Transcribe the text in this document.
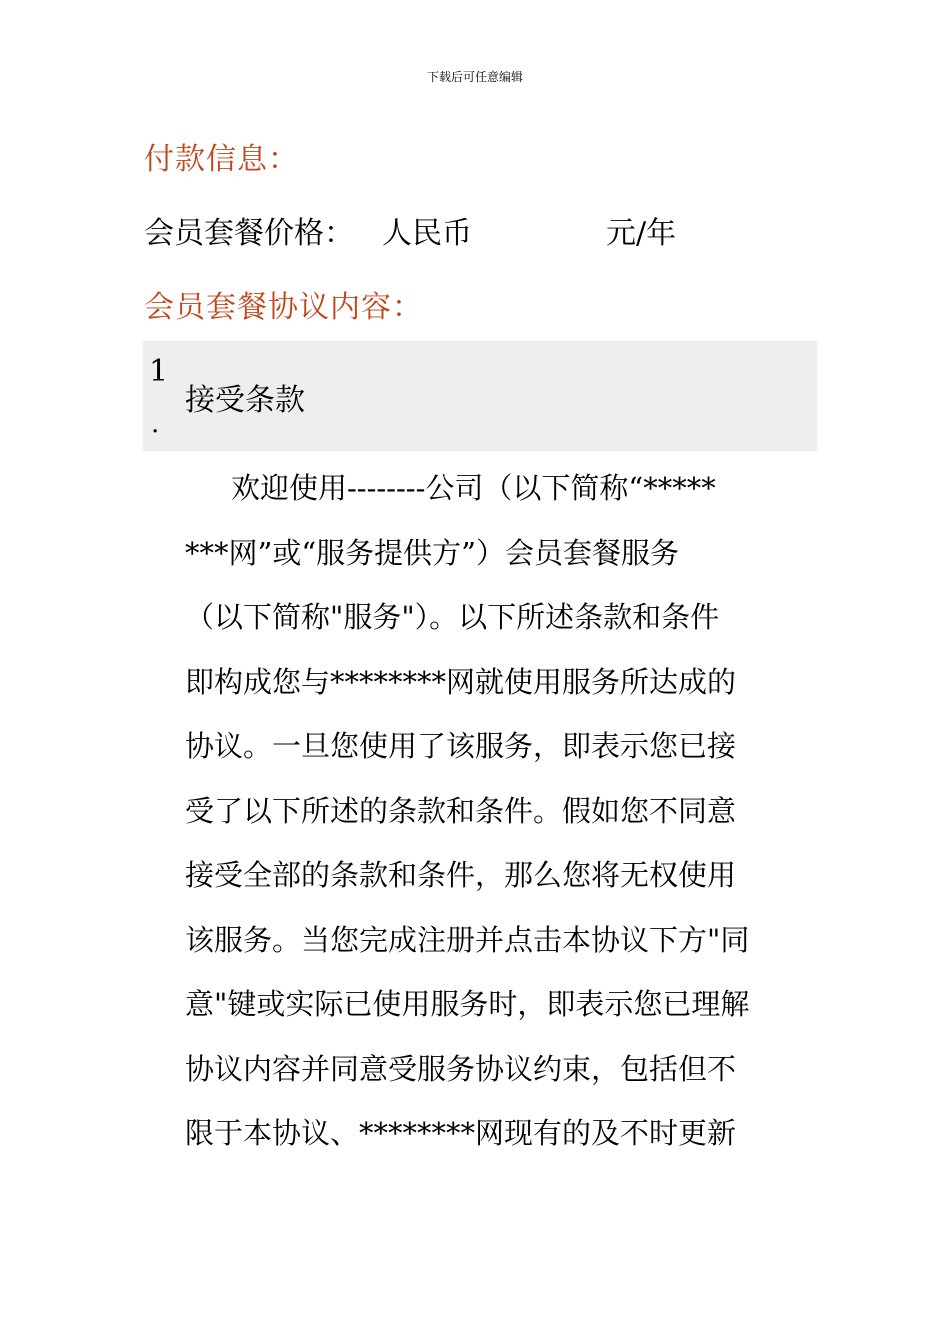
下载后可任意编辑
付款信息：
会员套餐价格： 人民币	元/年
会员套餐协议内容：
1
.
接受条款
欢迎使用--------公司（以下简称“*****
***网”或“服务提供方”）会员套餐服务
（以下简称"服务"）。以下所述条款和条件
即构成您与********网就使用服务所达成的
协议。一旦您使用了该服务，即表示您已接
受了以下所述的条款和条件。假如您不同意
接受全部的条款和条件，那么您将无权使用
该服务。当您完成注册并点击本协议下方"同
意"键或实际已使用服务时，即表示您已理解
协议内容并同意受服务协议约束，包括但不
限于本协议、********网现有的及不时更新
